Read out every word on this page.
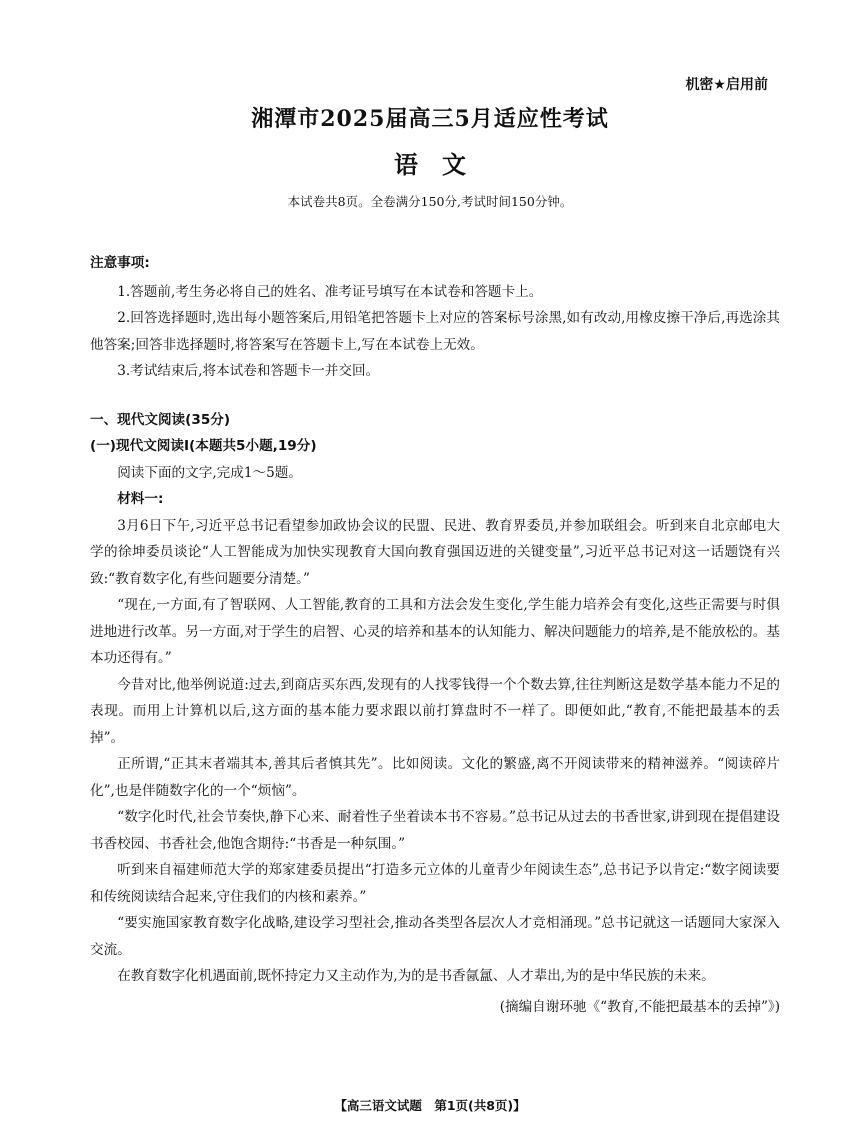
机密★启用前
湘潭市2025届高三5月适应性考试
语　文
本试卷共8页。全卷满分150分,考试时间150分钟。

注意事项:

1.答题前,考生务必将自己的姓名、准考证号填写在本试卷和答题卡上。

2.回答选择题时,选出每小题答案后,用铅笔把答题卡上对应的答案标号涂黑,如有改动,用橡皮擦干净后,再选涂其他答案;回答非选择题时,将答案写在答题卡上,写在本试卷上无效。

3.考试结束后,将本试卷和答题卡一并交回。

一、现代文阅读(35分)

(一)现代文阅读Ⅰ(本题共5小题,19分)

阅读下面的文字,完成1～5题。

材料一:

3月6日下午,习近平总书记看望参加政协会议的民盟、民进、教育界委员,并参加联组会。听到来自北京邮电大学的徐坤委员谈论“人工智能成为加快实现教育大国向教育强国迈进的关键变量”,习近平总书记对这一话题饶有兴致:“教育数字化,有些问题要分清楚。”

“现在,一方面,有了智联网、人工智能,教育的工具和方法会发生变化,学生能力培养会有变化,这些正需要与时俱进地进行改革。另一方面,对于学生的启智、心灵的培养和基本的认知能力、解决问题能力的培养,是不能放松的。基本功还得有。”

今昔对比,他举例说道:过去,到商店买东西,发现有的人找零钱得一个个数去算,往往判断这是数学基本能力不足的表现。而用上计算机以后,这方面的基本能力要求跟以前打算盘时不一样了。即便如此,“教育,不能把最基本的丢掉”。

正所谓,“正其末者端其本,善其后者慎其先”。比如阅读。文化的繁盛,离不开阅读带来的精神滋养。“阅读碎片化”,也是伴随数字化的一个“烦恼”。

“数字化时代,社会节奏快,静下心来、耐着性子坐着读本书不容易。”总书记从过去的书香世家,讲到现在提倡建设书香校园、书香社会,他饱含期待:“书香是一种氛围。”

听到来自福建师范大学的郑家建委员提出“打造多元立体的儿童青少年阅读生态”,总书记予以肯定:“数字阅读要和传统阅读结合起来,守住我们的内核和素养。”

“要实施国家教育数字化战略,建设学习型社会,推动各类型各层次人才竞相涌现。”总书记就这一话题同大家深入交流。

在教育数字化机遇面前,既怀持定力又主动作为,为的是书香氤氲、人才辈出,为的是中华民族的未来。

(摘编自谢环驰《“教育,不能把最基本的丢掉”》)

【高三语文试题　第1页(共8页)】
